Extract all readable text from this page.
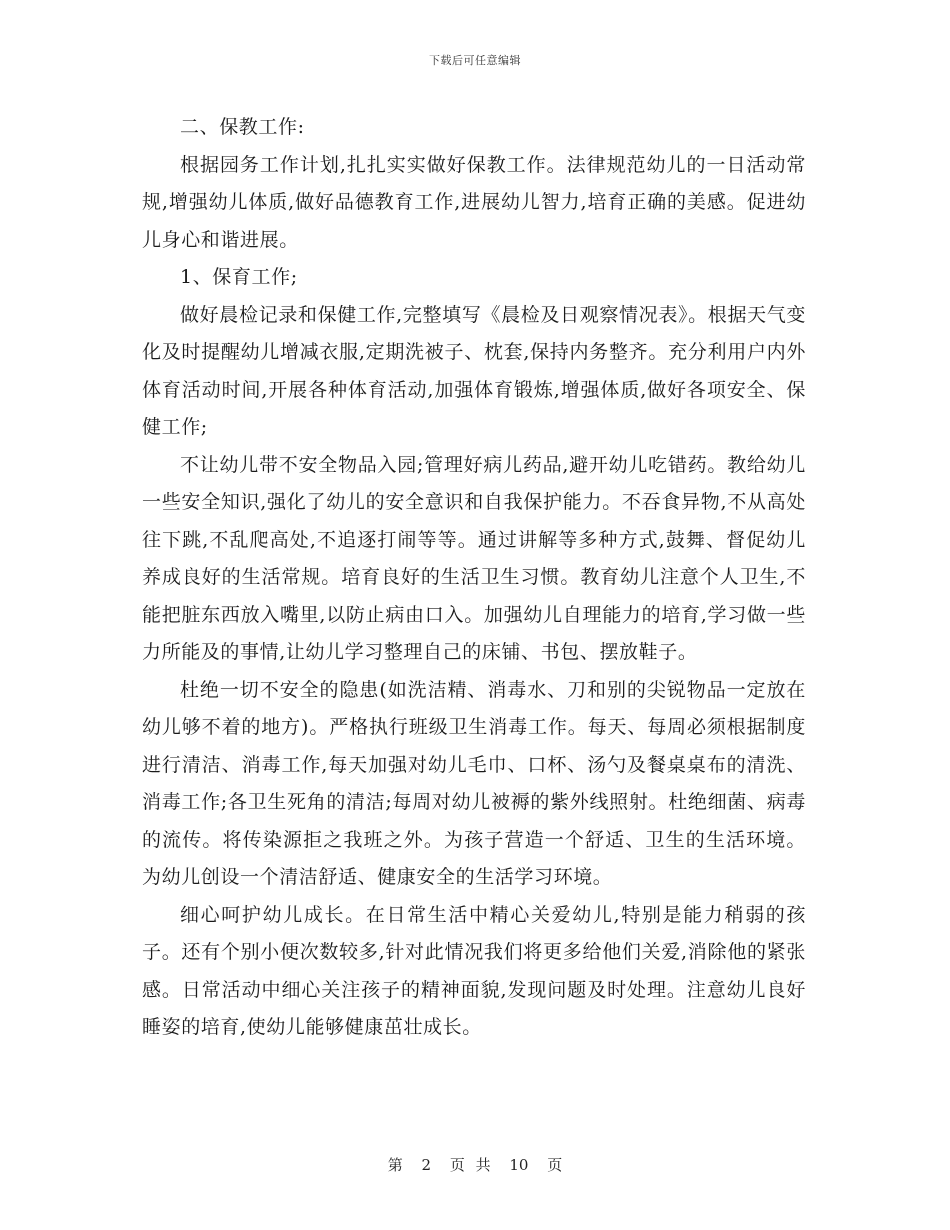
下载后可任意编辑

二、保教工作:

根据园务工作计划,扎扎实实做好保教工作。法律规范幼儿的一日活动常规,增强幼儿体质,做好品德教育工作,进展幼儿智力,培育正确的美感。促进幼儿身心和谐进展。

1、保育工作;

做好晨检记录和保健工作,完整填写《晨检及日观察情况表》。根据天气变化及时提醒幼儿增减衣服,定期洗被子、枕套,保持内务整齐。充分利用户内外体育活动时间,开展各种体育活动,加强体育锻炼,增强体质,做好各项安全、保健工作;

不让幼儿带不安全物品入园;管理好病儿药品,避开幼儿吃错药。教给幼儿一些安全知识,强化了幼儿的安全意识和自我保护能力。不吞食异物,不从高处往下跳,不乱爬高处,不追逐打闹等等。通过讲解等多种方式,鼓舞、督促幼儿养成良好的生活常规。培育良好的生活卫生习惯。教育幼儿注意个人卫生,不能把脏东西放入嘴里,以防止病由口入。加强幼儿自理能力的培育,学习做一些力所能及的事情,让幼儿学习整理自己的床铺、书包、摆放鞋子。

杜绝一切不安全的隐患(如洗洁精、消毒水、刀和别的尖锐物品一定放在幼儿够不着的地方)。严格执行班级卫生消毒工作。每天、每周必须根据制度进行清洁、消毒工作,每天加强对幼儿毛巾、口杯、汤勺及餐桌桌布的清洗、消毒工作;各卫生死角的清洁;每周对幼儿被褥的紫外线照射。杜绝细菌、病毒的流传。将传染源拒之我班之外。为孩子营造一个舒适、卫生的生活环境。为幼儿创设一个清洁舒适、健康安全的生活学习环境。

细心呵护幼儿成长。在日常生活中精心关爱幼儿,特别是能力稍弱的孩子。还有个别小便次数较多,针对此情况我们将更多给他们关爱,消除他的紧张感。日常活动中细心关注孩子的精神面貌,发现问题及时处理。注意幼儿良好睡姿的培育,使幼儿能够健康茁壮成长。

第 2 页 共 10 页
